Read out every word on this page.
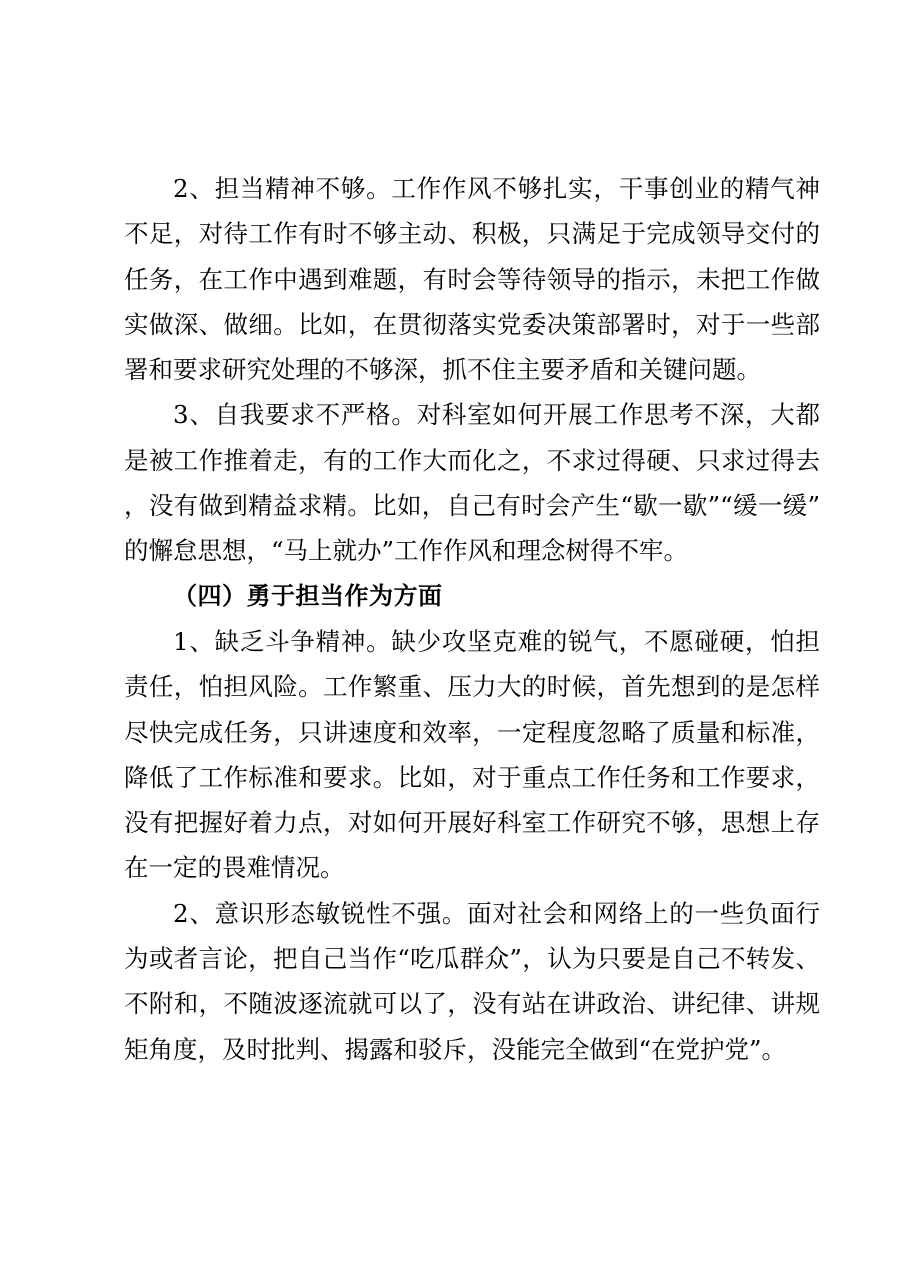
2、担当精神不够。工作作风不够扎实，干事创业的精气神不足，对待工作有时不够主动、积极，只满足于完成领导交付的任务，在工作中遇到难题，有时会等待领导的指示，未把工作做实做深、做细。比如，在贯彻落实党委决策部署时，对于一些部署和要求研究处理的不够深，抓不住主要矛盾和关键问题。

3、自我要求不严格。对科室如何开展工作思考不深，大都是被工作推着走，有的工作大而化之，不求过得硬、只求过得去，没有做到精益求精。比如，自己有时会产生“歇一歇”“缓一缓”的懈怠思想，“马上就办”工作作风和理念树得不牢。

（四）勇于担当作为方面

1、缺乏斗争精神。缺少攻坚克难的锐气，不愿碰硬，怕担责任，怕担风险。工作繁重、压力大的时候，首先想到的是怎样尽快完成任务，只讲速度和效率，一定程度忽略了质量和标准，降低了工作标准和要求。比如，对于重点工作任务和工作要求，没有把握好着力点，对如何开展好科室工作研究不够，思想上存在一定的畏难情况。

2、意识形态敏锐性不强。面对社会和网络上的一些负面行为或者言论，把自己当作“吃瓜群众”，认为只要是自己不转发、不附和，不随波逐流就可以了，没有站在讲政治、讲纪律、讲规矩角度，及时批判、揭露和驳斥，没能完全做到“在党护党”。
